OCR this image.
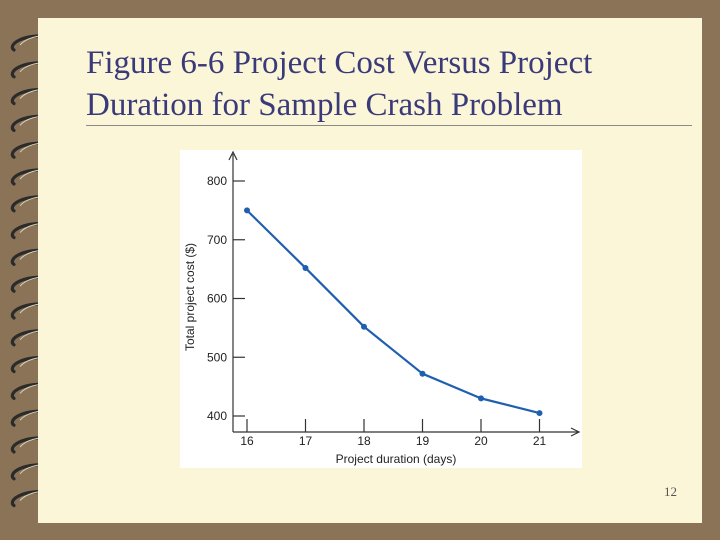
Figure 6-6 Project Cost Versus Project Duration for Sample Crash Problem
400
500
600
700
800
16	17	18	19	20	21
Total project cost ($)
Project duration (days)
12
